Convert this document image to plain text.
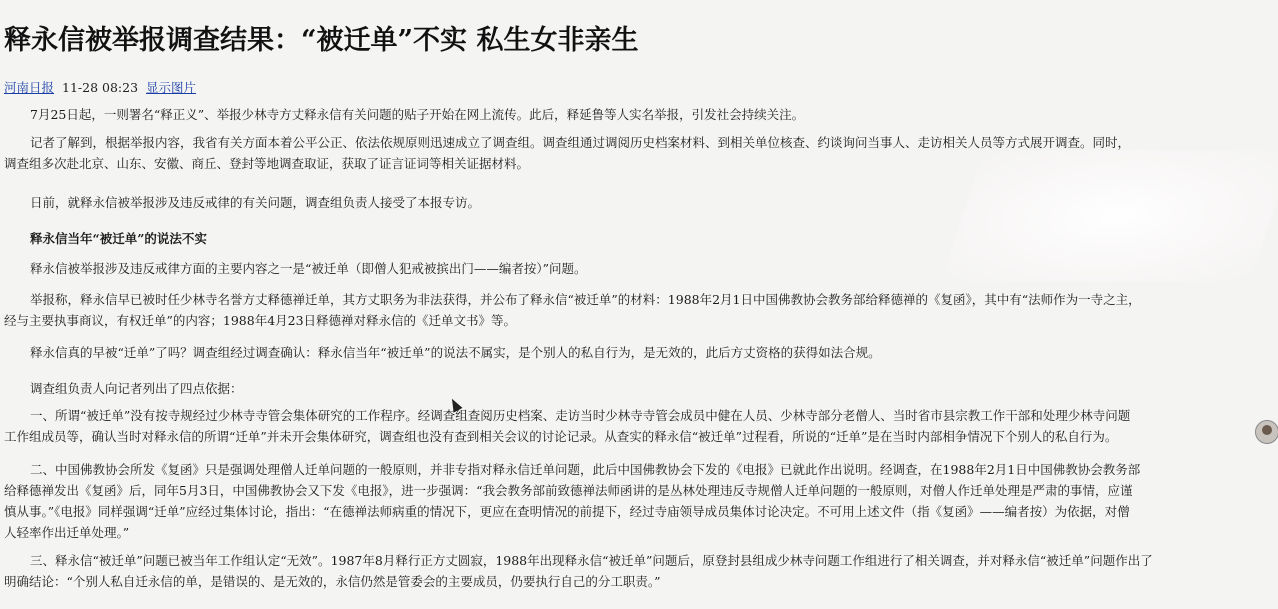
释永信被举报调查结果：“被迁单”不实 私生女非亲生
河南日报 11-28 08:23 显示图片
7月25日起，一则署名“释正义”、举报少林寺方丈释永信有关问题的贴子开始在网上流传。此后，释延鲁等人实名举报，引发社会持续关注。
记者了解到，根据举报内容，我省有关方面本着公平公正、依法依规原则迅速成立了调查组。调查组通过调阅历史档案材料、到相关单位核查、约谈询问当事人、走访相关人员等方式展开调查。同时，
调查组多次赴北京、山东、安徽、商丘、登封等地调查取证，获取了证言证词等相关证据材料。
日前，就释永信被举报涉及违反戒律的有关问题，调查组负责人接受了本报专访。
释永信当年“被迁单”的说法不实
释永信被举报涉及违反戒律方面的主要内容之一是“被迁单（即僧人犯戒被摈出门——编者按）”问题。
举报称，释永信早已被时任少林寺名誉方丈释德禅迁单，其方丈职务为非法获得，并公布了释永信“被迁单”的材料：1988年2月1日中国佛教协会教务部给释德禅的《复函》，其中有“法师作为一寺之主，
经与主要执事商议，有权迁单”的内容；1988年4月23日释德禅对释永信的《迁单文书》等。
释永信真的早被“迁单”了吗？调查组经过调查确认：释永信当年“被迁单”的说法不属实，是个别人的私自行为，是无效的，此后方丈资格的获得如法合规。
调查组负责人向记者列出了四点依据：
一、所谓“被迁单”没有按寺规经过少林寺寺管会集体研究的工作程序。经调查组查阅历史档案、走访当时少林寺寺管会成员中健在人员、少林寺部分老僧人、当时省市县宗教工作干部和处理少林寺问题
工作组成员等，确认当时对释永信的所谓“迁单”并未开会集体研究，调查组也没有查到相关会议的讨论记录。从查实的释永信“被迁单”过程看，所说的“迁单”是在当时内部相争情况下个别人的私自行为。
二、中国佛教协会所发《复函》只是强调处理僧人迁单问题的一般原则，并非专指对释永信迁单问题，此后中国佛教协会下发的《电报》已就此作出说明。经调查，在1988年2月1日中国佛教协会教务部
给释德禅发出《复函》后，同年5月3日，中国佛教协会又下发《电报》，进一步强调：“我会教务部前致德禅法师函讲的是丛林处理违反寺规僧人迁单问题的一般原则，对僧人作迁单处理是严肃的事情，应谨
慎从事。”《电报》同样强调“迁单”应经过集体讨论，指出：“在德禅法师病重的情况下，更应在查明情况的前提下，经过寺庙领导成员集体讨论决定。不可用上述文件（指《复函》——编者按）为依据，对僧
人轻率作出迁单处理。”
三、释永信“被迁单”问题已被当年工作组认定“无效”。1987年8月释行正方丈圆寂，1988年出现释永信“被迁单”问题后，原登封县组成少林寺问题工作组进行了相关调查，并对释永信“被迁单”问题作出了
明确结论：“个别人私自迁永信的单，是错误的、是无效的，永信仍然是管委会的主要成员，仍要执行自己的分工职责。”
